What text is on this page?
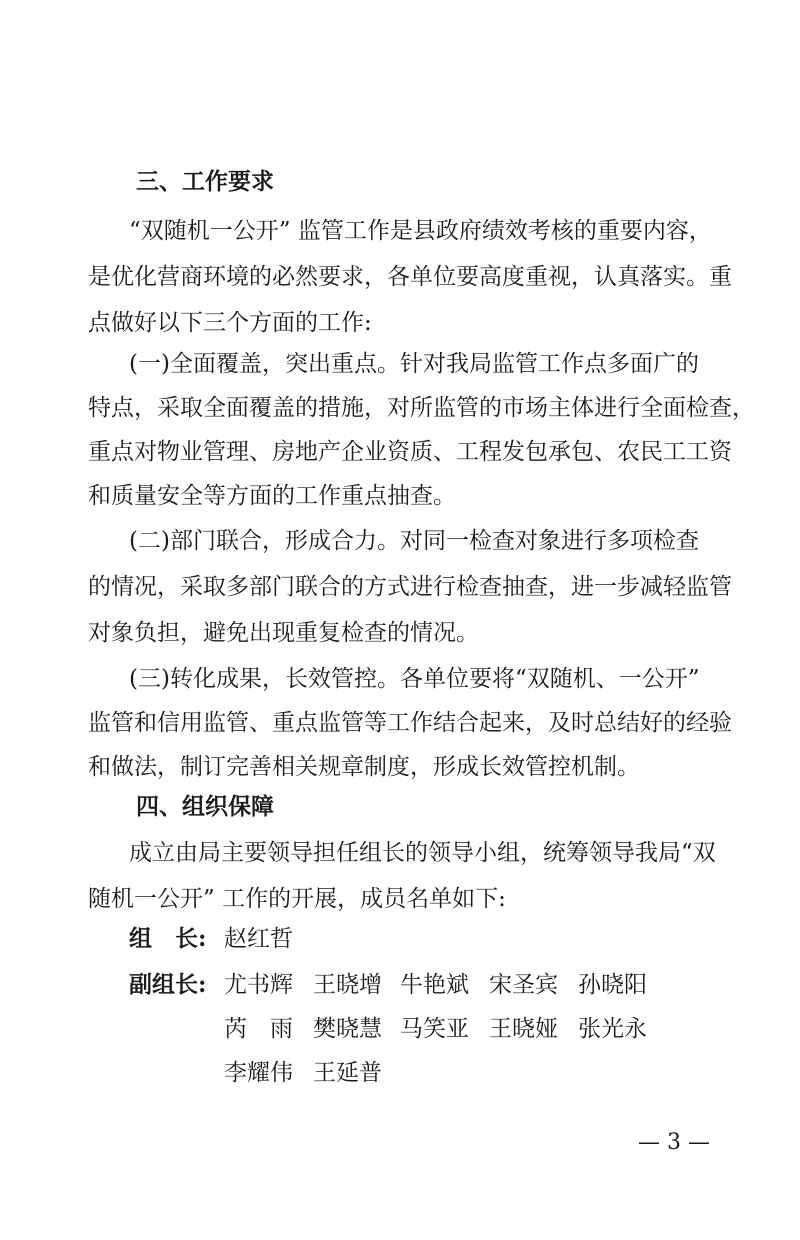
三、工作要求
“双随机一公开” 监管工作是县政府绩效考核的重要内容，
是优化营商环境的必然要求，各单位要高度重视，认真落实。重
点做好以下三个方面的工作:
(一)全面覆盖，突出重点。针对我局监管工作点多面广的
特点，采取全面覆盖的措施，对所监管的市场主体进行全面检查，
重点对物业管理、房地产企业资质、工程发包承包、农民工工资
和质量安全等方面的工作重点抽查。
(二)部门联合，形成合力。对同一检查对象进行多项检查
的情况，采取多部门联合的方式进行检查抽查，进一步减轻监管
对象负担，避免出现重复检查的情况。
(三)转化成果，长效管控。各单位要将“双随机、一公开”
监管和信用监管、重点监管等工作结合起来，及时总结好的经验
和做法，制订完善相关规章制度，形成长效管控机制。
四、组织保障
成立由局主要领导担任组长的领导小组，统筹领导我局“双
随机一公开” 工作的开展，成员名单如下:
组　长: 赵红哲
副组长: 尤书辉 王晓增 牛艳斌 宋圣宾 孙晓阳
芮　雨 樊晓慧 马笑亚 王晓娅 张光永
李耀伟 王延普
— 3 —
